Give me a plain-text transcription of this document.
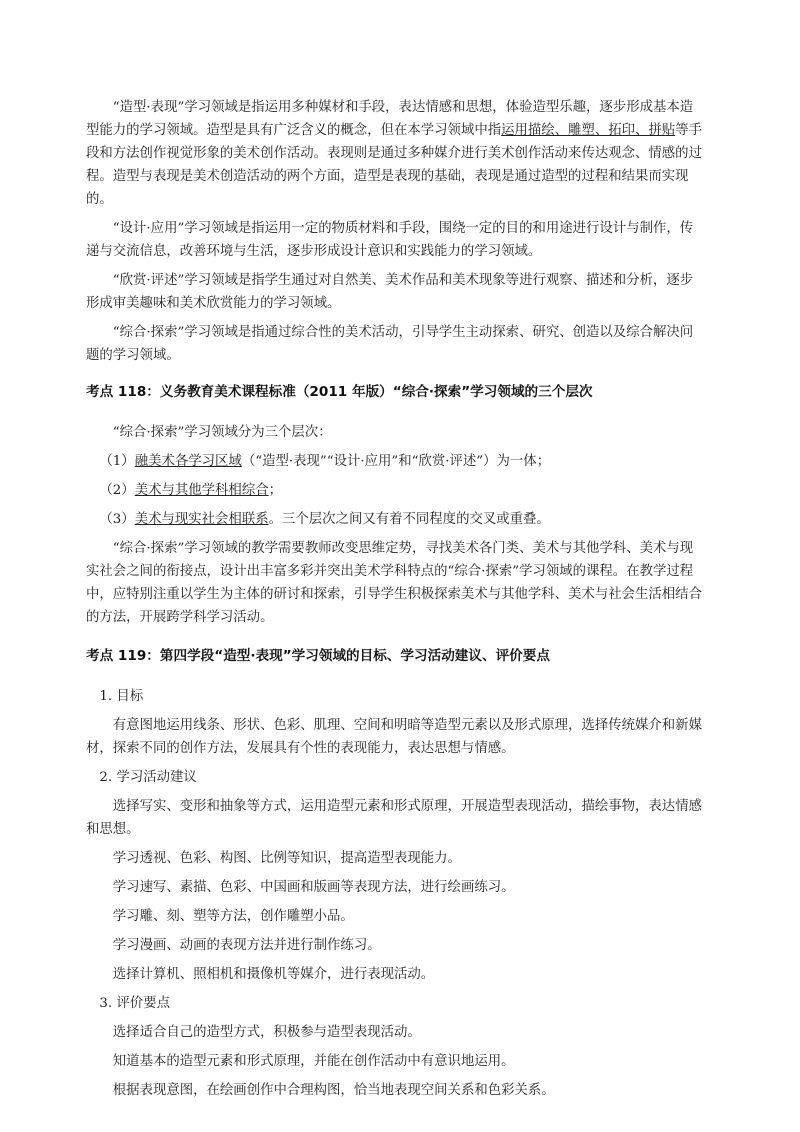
“造型·表现”学习领域是指运用多种媒材和手段，表达情感和思想，体验造型乐趣，逐步形成基本造型能力的学习领域。造型是具有广泛含义的概念，但在本学习领域中指运用描绘、雕塑、拓印、拼贴等手段和方法创作视觉形象的美术创作活动。表现则是通过多种媒介进行美术创作活动来传达观念、情感的过程。造型与表现是美术创造活动的两个方面，造型是表现的基础，表现是通过造型的过程和结果而实现的。

“设计·应用”学习领域是指运用一定的物质材料和手段，围绕一定的目的和用途进行设计与制作，传递与交流信息，改善环境与生活，逐步形成设计意识和实践能力的学习领域。

“欣赏·评述”学习领域是指学生通过对自然美、美术作品和美术现象等进行观察、描述和分析，逐步形成审美趣味和美术欣赏能力的学习领域。

“综合·探索”学习领域是指通过综合性的美术活动，引导学生主动探索、研究、创造以及综合解决问题的学习领域。

考点 118：义务教育美术课程标准（2011 年版）“综合·探索”学习领域的三个层次

“综合·探索”学习领域分为三个层次：

（1）融美术各学习区域（“造型·表现”“设计·应用”和“欣赏·评述”）为一体；

（2）美术与其他学科相综合；

（3）美术与现实社会相联系。三个层次之间又有着不同程度的交叉或重叠。

“综合·探索”学习领域的教学需要教师改变思维定势，寻找美术各门类、美术与其他学科、美术与现实社会之间的衔接点，设计出丰富多彩并突出美术学科特点的“综合·探索”学习领域的课程。在教学过程中，应特别注重以学生为主体的研讨和探索，引导学生积极探索美术与其他学科、美术与社会生活相结合的方法，开展跨学科学习活动。

考点 119：第四学段“造型·表现”学习领域的目标、学习活动建议、评价要点

1. 目标

有意图地运用线条、形状、色彩、肌理、空间和明暗等造型元素以及形式原理，选择传统媒介和新媒材，探索不同的创作方法，发展具有个性的表现能力，表达思想与情感。

2. 学习活动建议

选择写实、变形和抽象等方式，运用造型元素和形式原理，开展造型表现活动，描绘事物，表达情感和思想。

学习透视、色彩、构图、比例等知识，提高造型表现能力。

学习速写、素描、色彩、中国画和版画等表现方法，进行绘画练习。

学习雕、刻、塑等方法，创作雕塑小品。

学习漫画、动画的表现方法并进行制作练习。

选择计算机、照相机和摄像机等媒介，进行表现活动。

3. 评价要点

选择适合自己的造型方式，积极参与造型表现活动。

知道基本的造型元素和形式原理，并能在创作活动中有意识地运用。

根据表现意图，在绘画创作中合理构图，恰当地表现空间关系和色彩关系。
